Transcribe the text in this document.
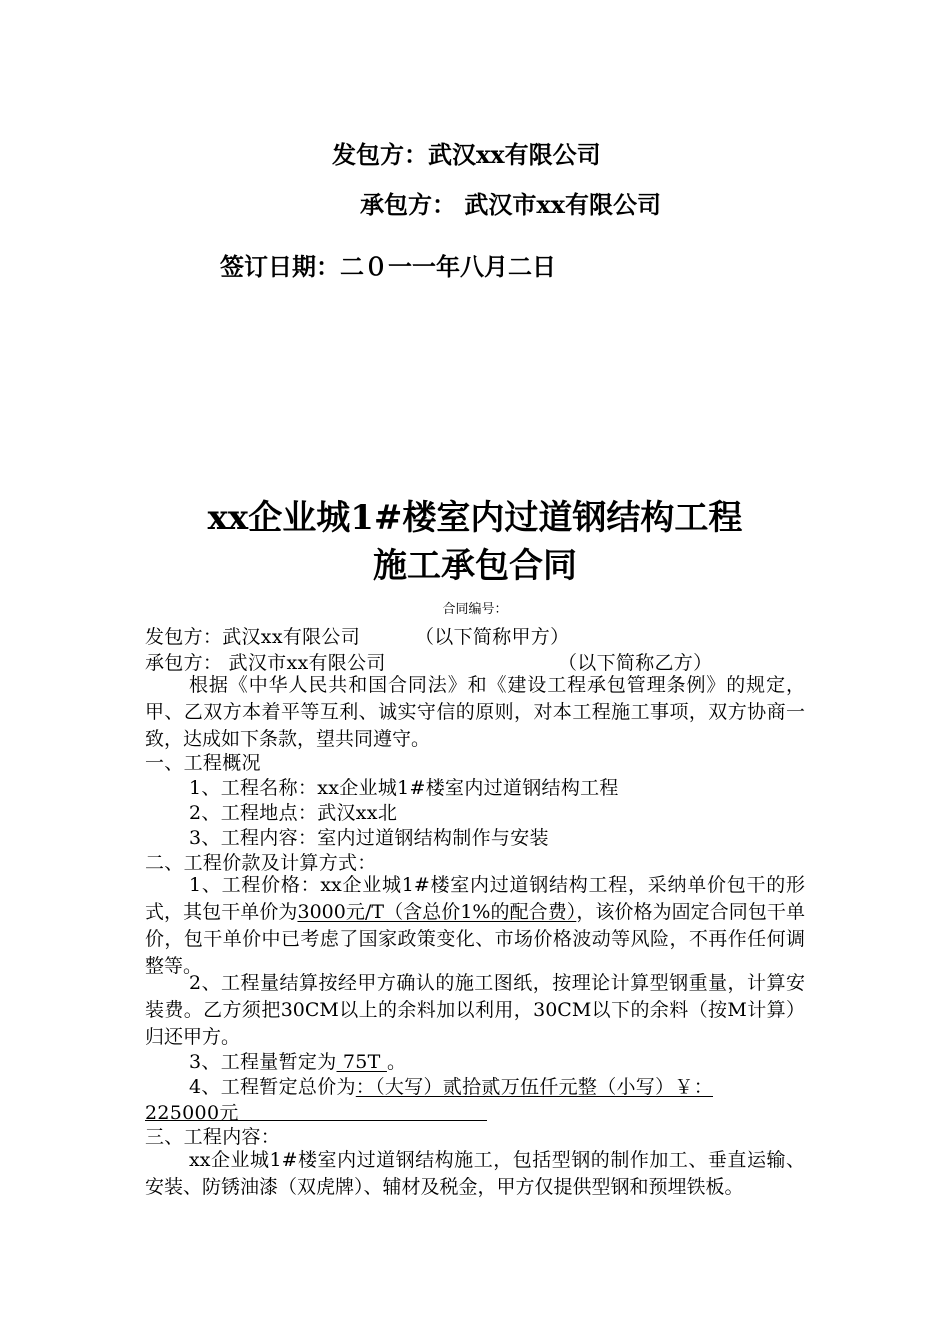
发包方：武汉xx有限公司
承包方： 武汉市xx有限公司
签订日期：二０一一年八月二日
xx企业城1#楼室内过道钢结构工程
施工承包合同
合同编号：
发包方：武汉xx有限公司	（以下简称甲方）
承包方： 武汉市xx有限公司	（以下简称乙方）
根据《中华人民共和国合同法》和《建设工程承包管理条例》的规定，甲、乙双方本着平等互利、诚实守信的原则，对本工程施工事项，双方协商一致，达成如下条款，望共同遵守。
一、工程概况
1、工程名称：xx企业城1#楼室内过道钢结构工程
2、工程地点：武汉xx北
3、工程内容：室内过道钢结构制作与安装
二、工程价款及计算方式：
1、工程价格：xx企业城1#楼室内过道钢结构工程，采纳单价包干的形式，其包干单价为3000元/T（含总价1%的配合费），该价格为固定合同包干单价，包干单价中已考虑了国家政策变化、市场价格波动等风险，不再作任何调整等。
2、工程量结算按经甲方确认的施工图纸，按理论计算型钢重量，计算安装费。乙方须把30CM以上的余料加以利用，30CM以下的余料（按M计算）归还甲方。
3、工程量暂定为 75T 。
4、工程暂定总价为：（大写）贰拾贰万伍仟元整（小写）￥：
225000元
三、工程内容：
xx企业城1#楼室内过道钢结构施工，包括型钢的制作加工、垂直运输、安装、防锈油漆（双虎牌）、辅材及税金，甲方仅提供型钢和预埋铁板。
